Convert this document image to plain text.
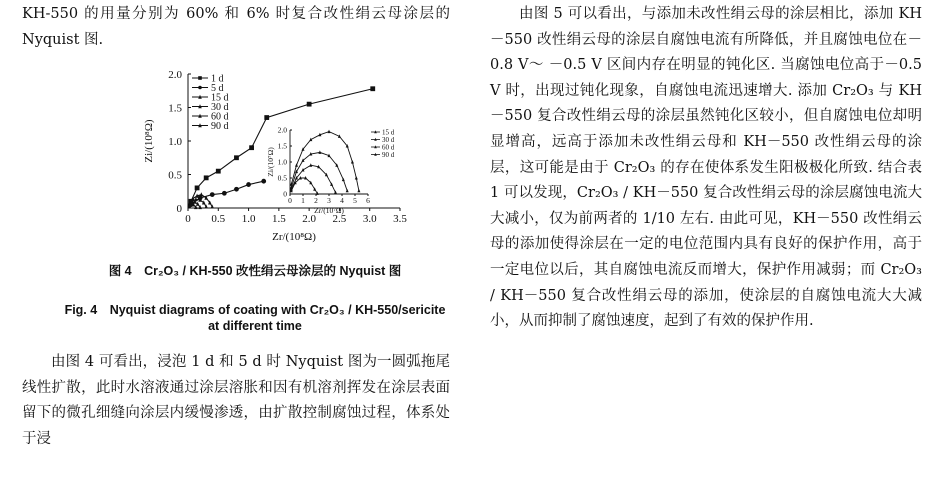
KH-550 的用量分别为 60% 和 6% 时复合改性绢云母涂层的 Nyquist 图.

0 0.5 1.0 1.5 2.0 2.5 3.0 3.5
0
0.5
1.0
1.5
2.0
Zr/(10⁸Ω)
Zi/(10⁸Ω)
1 d
5 d
15 d
30 d
60 d
90 d
0 1 2 3 4 5 6
0
0.5
1.0
1.5
2.0
Zr/(10⁷Ω)
Zi/(10⁷Ω)
15 d
30 d
60 d
90 d
图 4　Cr₂O₃ / KH-550 改性绢云母涂层的 Nyquist 图
Fig. 4　Nyquist diagrams of coating with Cr₂O₃ / KH-550/sericite at different time

由图 4 可看出，浸泡 1 d 和 5 d 时 Nyquist 图为一圆弧拖尾线性扩散，此时水溶液通过涂层溶胀和因有机溶剂挥发在涂层表面留下的微孔细缝向涂层内缓慢渗透，由扩散控制腐蚀过程，体系处于浸

由图 5 可以看出，与添加未改性绢云母的涂层相比，添加 KH－550 改性绢云母的涂层自腐蚀电流有所降低，并且腐蚀电位在－0.8 V～ －0.5 V 区间内存在明显的钝化区. 当腐蚀电位高于－0.5 V 时，出现过钝化现象，自腐蚀电流迅速增大. 添加 Cr₂O₃ 与 KH－550 复合改性绢云母的涂层虽然钝化区较小，但自腐蚀电位却明显增高，远高于添加未改性绢云母和 KH－550 改性绢云母的涂层，这可能是由于 Cr₂O₃ 的存在使体系发生阳极极化所致. 结合表 1 可以发现，Cr₂O₃ / KH－550 复合改性绢云母的涂层腐蚀电流大大减小，仅为前两者的 1/10 左右. 由此可见，KH－550 改性绢云母的添加使得涂层在一定的电位范围内具有良好的保护作用，高于一定电位以后，其自腐蚀电流反而增大，保护作用减弱；而 Cr₂O₃ / KH－550 复合改性绢云母的添加，使涂层的自腐蚀电流大大减小，从而抑制了腐蚀速度，起到了有效的保护作用.
